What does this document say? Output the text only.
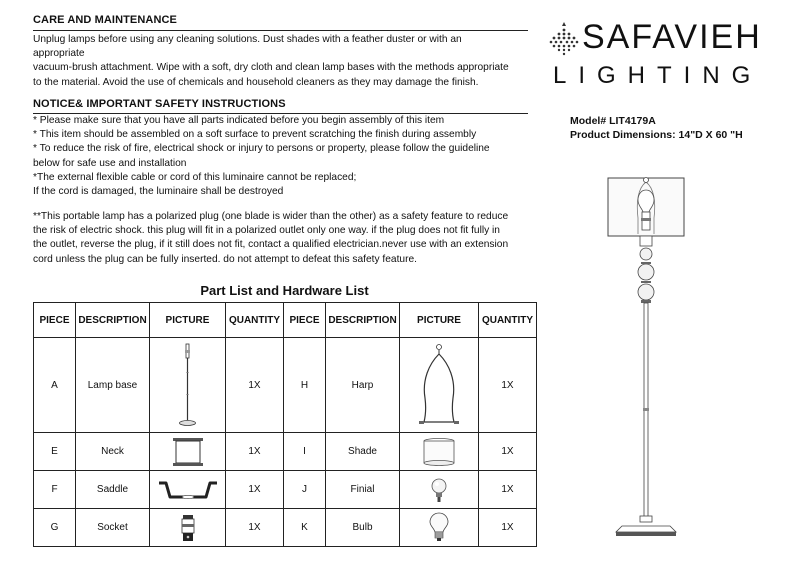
CARE AND MAINTENANCE
Unplug lamps before using any cleaning solutions. Dust shades with a feather duster or with an
appropriate
vacuum-brush attachment. Wipe with a soft, dry cloth and clean lamp bases with the methods appropriate
to the material. Avoid the use of chemicals and household cleaners as they may damage the finish.
NOTICE& IMPORTANT SAFETY INSTRUCTIONS
* Please make sure that you have all parts indicated before you begin assembly of this item
* This item should be assembled on a soft surface to prevent scratching the finish during assembly
* To reduce the risk of fire, electrical shock or injury to persons or property, please follow the guideline
below for safe use and installation
*The external flexible cable or cord of this luminaire cannot be replaced;
If the cord is damaged, the luminaire shall be destroyed
**This portable lamp has a polarized plug (one blade is wider than the other) as a safety feature to reduce
the risk of electric shock. this plug will fit in a polarized outlet only one way. if the plug does not fit fully in
the outlet, reverse the plug, if it still does not fit, contact a qualified electrician.never use with an extension
cord unless the plug can be fully inserted. do not attempt to defeat this safety feature.
Part List and Hardware List
PIECE	DESCRIPTION	PICTURE	QUANTITY	PIECE	DESCRIPTION	PICTURE	QUANTITY
A	Lamp base		1X	H	Harp		1X
E	Neck		1X	I	Shade		1X
F	Saddle		1X	J	Finial		1X
G	Socket		1X	K	Bulb		1X
SAFAVIEH
LIGHTING
Model# LIT4179A
Product Dimensions: 14"D X 60 "H
